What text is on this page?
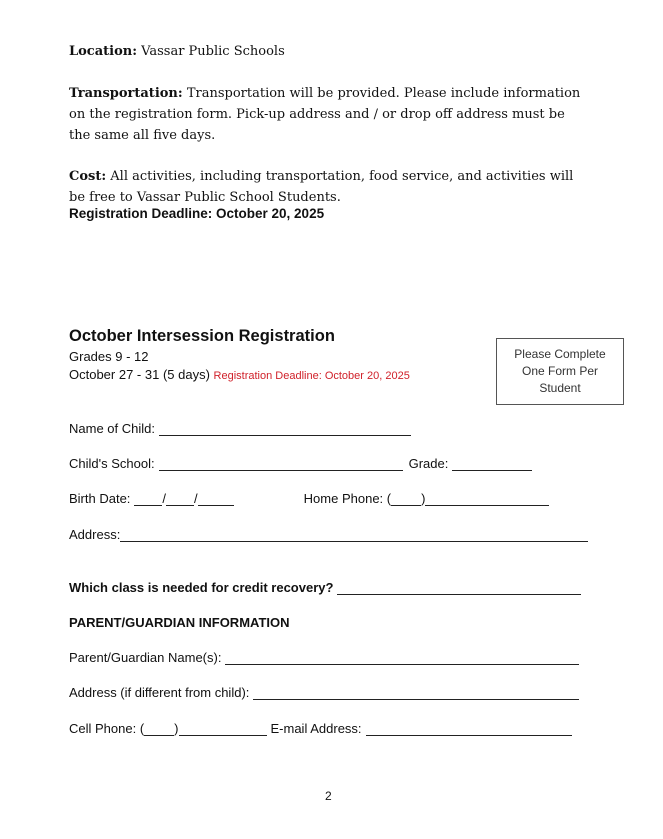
Location: Vassar Public Schools
Transportation: Transportation will be provided. Please include information on the registration form. Pick-up address and / or drop off address must be the same all five days.
Cost: All activities, including transportation, food service, and activities will be free to Vassar Public School Students.
Registration Deadline: October 20, 2025
October Intersession Registration
Grades 9 - 12
October 27 - 31 (5 days) Registration Deadline: October 20, 2025
Please Complete One Form Per Student
Name of Child:
Child's School:	Grade:
Birth Date: / /	Home Phone: ( )
Address:
Which class is needed for credit recovery?
PARENT/GUARDIAN INFORMATION
Parent/Guardian Name(s):
Address (if different from child):
Cell Phone: ( )	E-mail Address:
2
